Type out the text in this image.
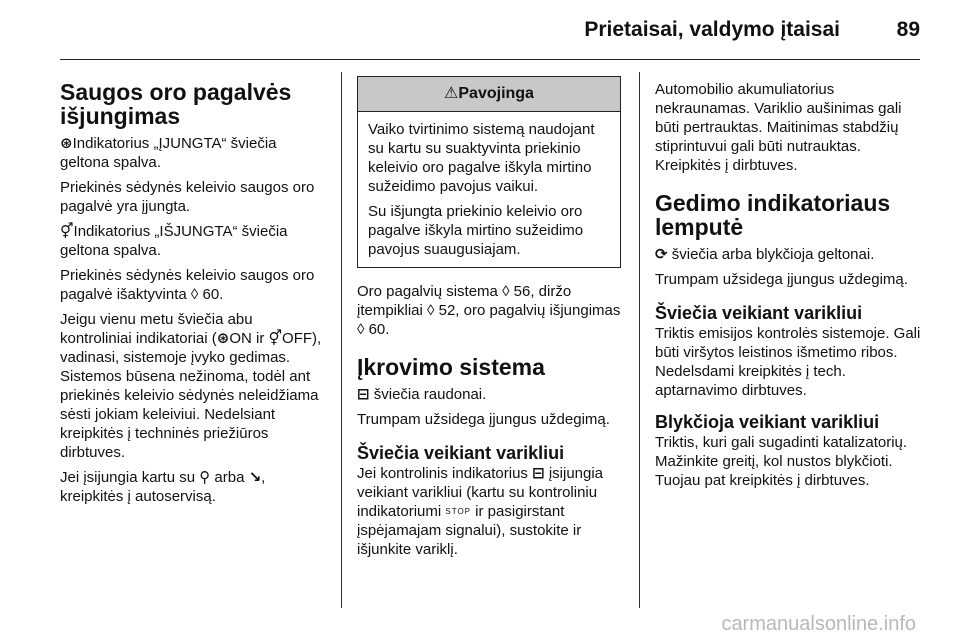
Prietaisai, valdymo įtaisai	89
Saugos oro pagalvės išjungimas

⊛Indikatorius „ĮJUNGTA“ šviečia geltona spalva.

Priekinės sėdynės keleivio saugos oro pagalvė yra įjungta.

⚥Indikatorius „IŠJUNGTA“ šviečia geltona spalva.

Priekinės sėdynės keleivio saugos oro pagalvė išaktyvinta ◊ 60.

Jeigu vienu metu šviečia abu kontroliniai indikatoriai (⊛ON ir ⚥OFF), vadinasi, sistemoje įvyko gedimas. Sistemos būsena nežinoma, todėl ant priekinės keleivio sėdynės neleidžiama sėsti jokiam keleiviui. Nedelsiant kreipkitės į techninės priežiūros dirbtuves.

Jei įsijungia kartu su ⚲ arba ↘, kreipkitės į autoservisą.

⚠Pavojinga

Vaiko tvirtinimo sistemą naudojant su kartu su suaktyvinta priekinio keleivio oro pagalve iškyla mirtino sužeidimo pavojus vaikui.

Su išjungta priekinio keleivio oro pagalve iškyla mirtino sužeidimo pavojus suaugusiajam.

Oro pagalvių sistema ◊ 56, diržo įtempikliai ◊ 52, oro pagalvių išjungimas ◊ 60.

Įkrovimo sistema

⊟ šviečia raudonai.

Trumpam užsidega įjungus uždegimą.

Šviečia veikiant varikliui

Jei kontrolinis indikatorius ⊟ įsijungia veikiant varikliui (kartu su kontroliniu indikatoriumi STOP ir pasigirstant įspėjamajam signalui), sustokite ir išjunkite variklį.

Automobilio akumuliatorius nekraunamas. Variklio aušinimas gali būti pertrauktas. Maitinimas stabdžių stiprintuvui gali būti nutrauktas. Kreipkitės į dirbtuves.

Gedimo indikatoriaus lemputė

⟳ šviečia arba blykčioja geltonai.

Trumpam užsidega įjungus uždegimą.

Šviečia veikiant varikliui

Triktis emisijos kontrolės sistemoje. Gali būti viršytos leistinos išmetimo ribos. Nedelsdami kreipkitės į tech. aptarnavimo dirbtuves.

Blykčioja veikiant varikliui

Triktis, kuri gali sugadinti katalizatorių. Mažinkite greitį, kol nustos blykčioti. Tuojau pat kreipkitės į dirbtuves.

carmanualsonline.info
